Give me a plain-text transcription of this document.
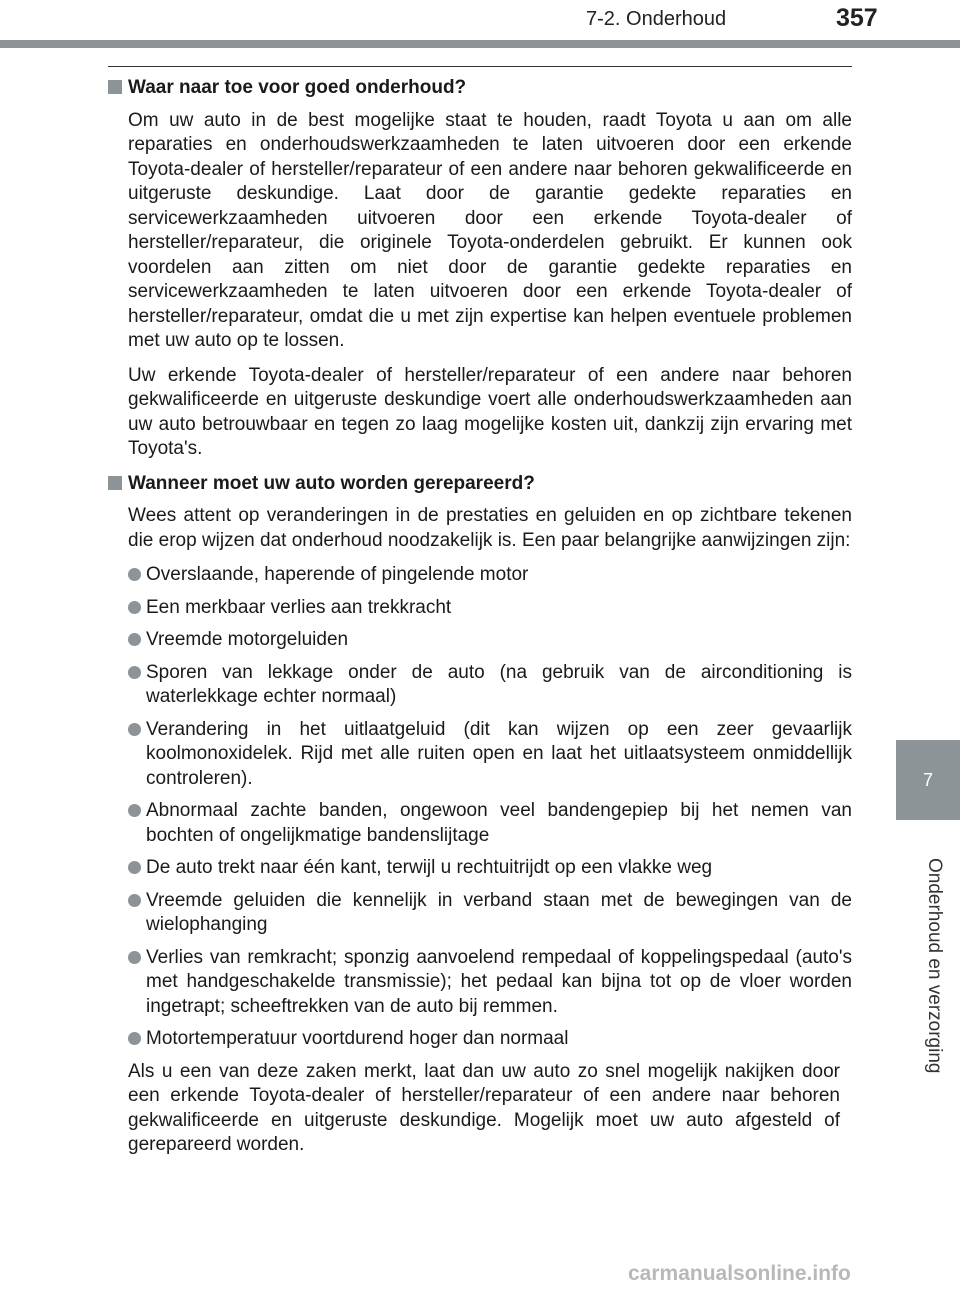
7-2. Onderhoud	357
7
Onderhoud en verzorging
Waar naar toe voor goed onderhoud?

Om uw auto in de best mogelijke staat te houden, raadt Toyota u aan om alle reparaties en onderhoudswerkzaamheden te laten uitvoeren door een erkende Toyota-dealer of hersteller/reparateur of een andere naar behoren gekwalificeerde en uitgeruste deskundige. Laat door de garantie gedekte reparaties en servicewerkzaamheden uitvoeren door een erkende Toyota-dealer of hersteller/reparateur, die originele Toyota-onderdelen gebruikt. Er kunnen ook voordelen aan zitten om niet door de garantie gedekte reparaties en servicewerkzaamheden te laten uitvoeren door een erkende Toyota-dealer of hersteller/reparateur, omdat die u met zijn expertise kan helpen eventuele problemen met uw auto op te lossen.

Uw erkende Toyota-dealer of hersteller/reparateur of een andere naar behoren gekwalificeerde en uitgeruste deskundige voert alle onderhoudswerkzaamheden aan uw auto betrouwbaar en tegen zo laag mogelijke kosten uit, dankzij zijn ervaring met Toyota's.

Wanneer moet uw auto worden gerepareerd?

Wees attent op veranderingen in de prestaties en geluiden en op zichtbare tekenen die erop wijzen dat onderhoud noodzakelijk is. Een paar belangrijke aanwijzingen zijn:

Overslaande, haperende of pingelende motor
Een merkbaar verlies aan trekkracht
Vreemde motorgeluiden
Sporen van lekkage onder de auto (na gebruik van de airconditioning is waterlekkage echter normaal)
Verandering in het uitlaatgeluid (dit kan wijzen op een zeer gevaarlijk koolmonoxidelek. Rijd met alle ruiten open en laat het uitlaatsysteem onmiddellijk controleren).
Abnormaal zachte banden, ongewoon veel bandengepiep bij het nemen van bochten of ongelijkmatige bandenslijtage
De auto trekt naar één kant, terwijl u rechtuitrijdt op een vlakke weg
Vreemde geluiden die kennelijk in verband staan met de bewegingen van de wielophanging
Verlies van remkracht; sponzig aanvoelend rempedaal of koppelingspedaal (auto's met handgeschakelde transmissie); het pedaal kan bijna tot op de vloer worden ingetrapt; scheeftrekken van de auto bij remmen.
Motortemperatuur voortdurend hoger dan normaal

Als u een van deze zaken merkt, laat dan uw auto zo snel mogelijk nakijken door een erkende Toyota-dealer of hersteller/reparateur of een andere naar behoren gekwalificeerde en uitgeruste deskundige. Mogelijk moet uw auto afgesteld of gerepareerd worden.

carmanualsonline.info
